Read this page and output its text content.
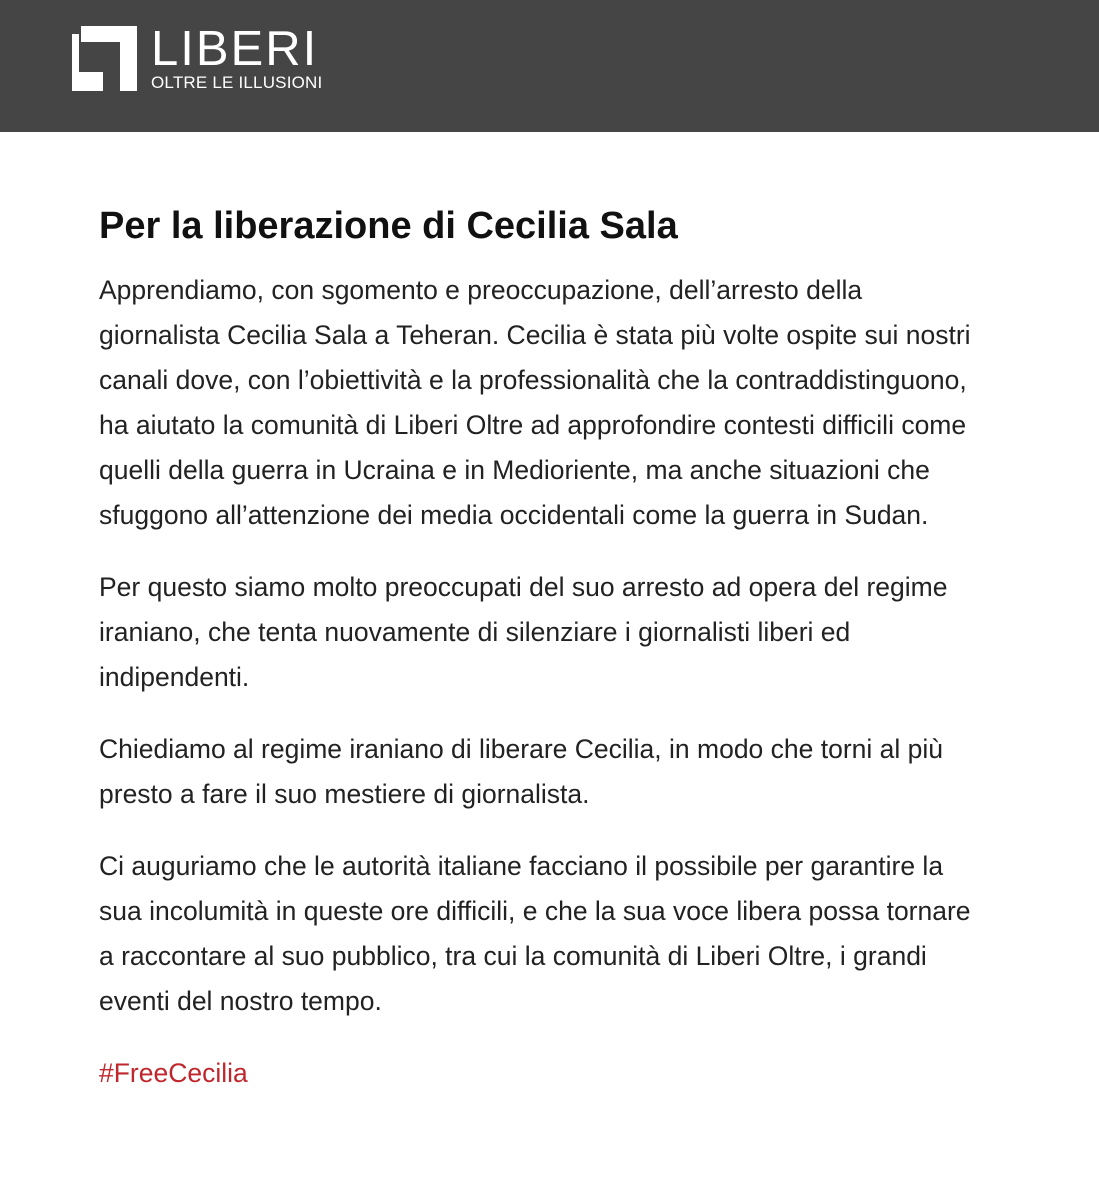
LIBERI
OLTRE LE ILLUSIONI
Per la liberazione di Cecilia Sala

Apprendiamo, con sgomento e preoccupazione, dell’arresto della giornalista Cecilia Sala a Teheran. Cecilia è stata più volte ospite sui nostri canali dove, con l’obiettività e la professionalità che la contraddistinguono, ha aiutato la comunità di Liberi Oltre ad approfondire contesti difficili come quelli della guerra in Ucraina e in Medioriente, ma anche situazioni che sfuggono all’attenzione dei media occidentali come la guerra in Sudan.

Per questo siamo molto preoccupati del suo arresto ad opera del regime iraniano, che tenta nuovamente di silenziare i giornalisti liberi ed indipendenti.

Chiediamo al regime iraniano di liberare Cecilia, in modo che torni al più presto a fare il suo mestiere di giornalista.

Ci auguriamo che le autorità italiane facciano il possibile per garantire la sua incolumità in queste ore difficili, e che la sua voce libera possa tornare a raccontare al suo pubblico, tra cui la comunità di Liberi Oltre, i grandi eventi del nostro tempo.

#FreeCecilia
